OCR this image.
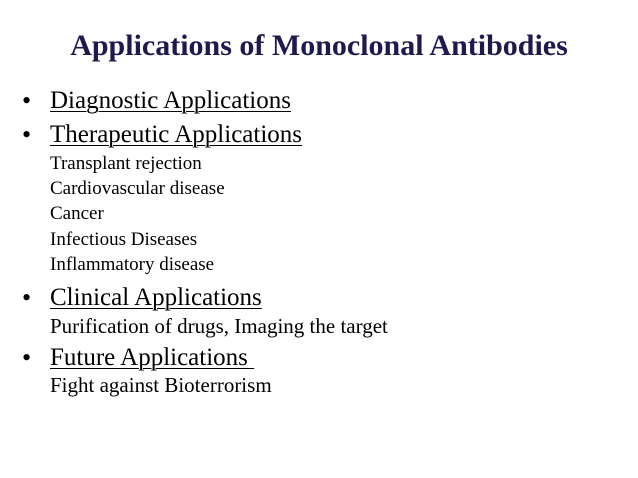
Applications of Monoclonal Antibodies
• Diagnostic Applications
• Therapeutic Applications
Transplant rejection
Cardiovascular disease
Cancer
Infectious Diseases
Inflammatory disease
• Clinical Applications
Purification of drugs, Imaging the target
• Future Applications
Fight against Bioterrorism
